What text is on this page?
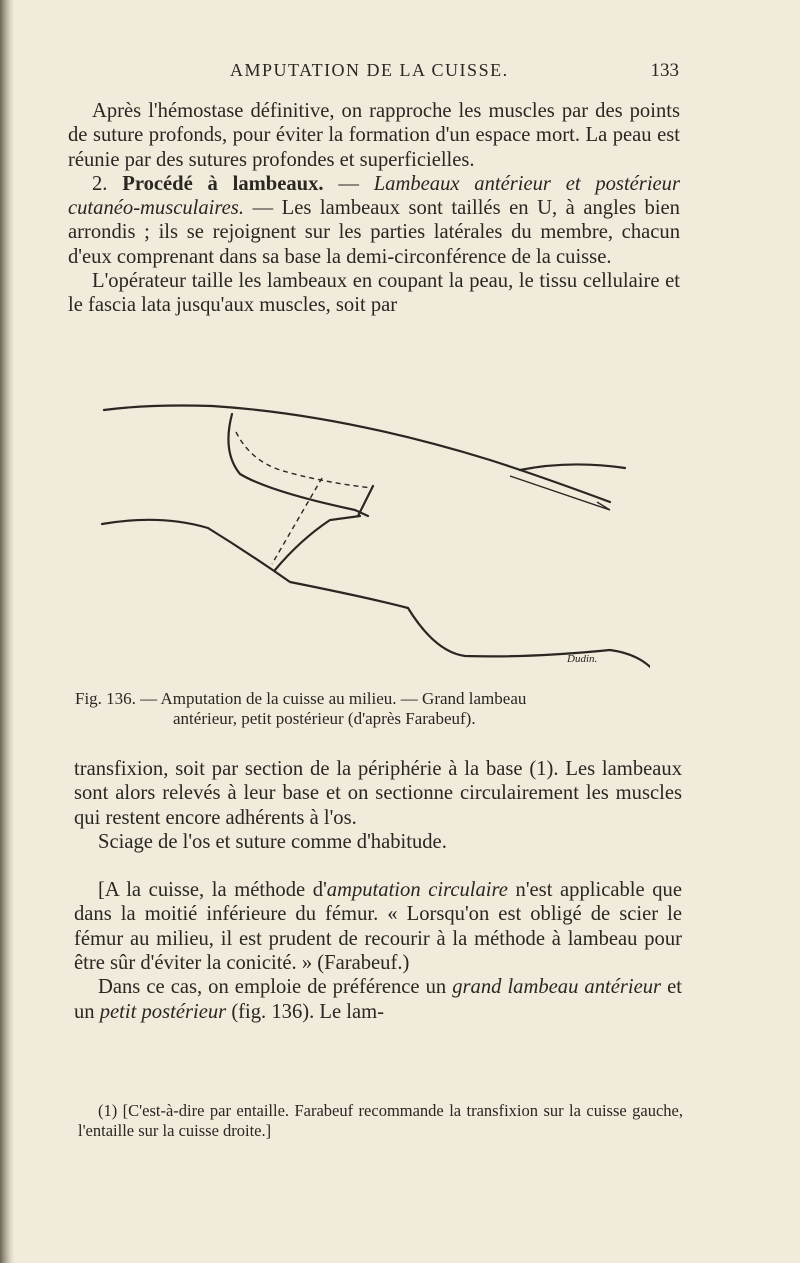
AMPUTATION DE LA CUISSE.	133

Après l'hémostase définitive, on rapproche les muscles par des points de suture profonds, pour éviter la formation d'un espace mort. La peau est réunie par des sutures profondes et superficielles.

2. Procédé à lambeaux. — Lambeaux antérieur et postérieur cutanéo-musculaires. — Les lambeaux sont taillés en U, à angles bien arrondis ; ils se rejoignent sur les parties latérales du membre, chacun d'eux comprenant dans sa base la demi-circonférence de la cuisse.

L'opérateur taille les lambeaux en coupant la peau, le tissu cellulaire et le fascia lata jusqu'aux muscles, soit par

Dudin.
Fig. 136. — Amputation de la cuisse au milieu. — Grand lambeau
antérieur, petit postérieur (d'après Farabeuf).

transfixion, soit par section de la périphérie à la base (1). Les lambeaux sont alors relevés à leur base et on sectionne circulairement les muscles qui restent encore adhérents à l'os.

Sciage de l'os et suture comme d'habitude.

[A la cuisse, la méthode d'amputation circulaire n'est applicable que dans la moitié inférieure du fémur. « Lorsqu'on est obligé de scier le fémur au milieu, il est prudent de recourir à la méthode à lambeau pour être sûr d'éviter la conicité. » (Farabeuf.)

Dans ce cas, on emploie de préférence un grand lambeau antérieur et un petit postérieur (fig. 136). Le lam-

(1) [C'est-à-dire par entaille. Farabeuf recommande la transfixion sur la cuisse gauche, l'entaille sur la cuisse droite.]
